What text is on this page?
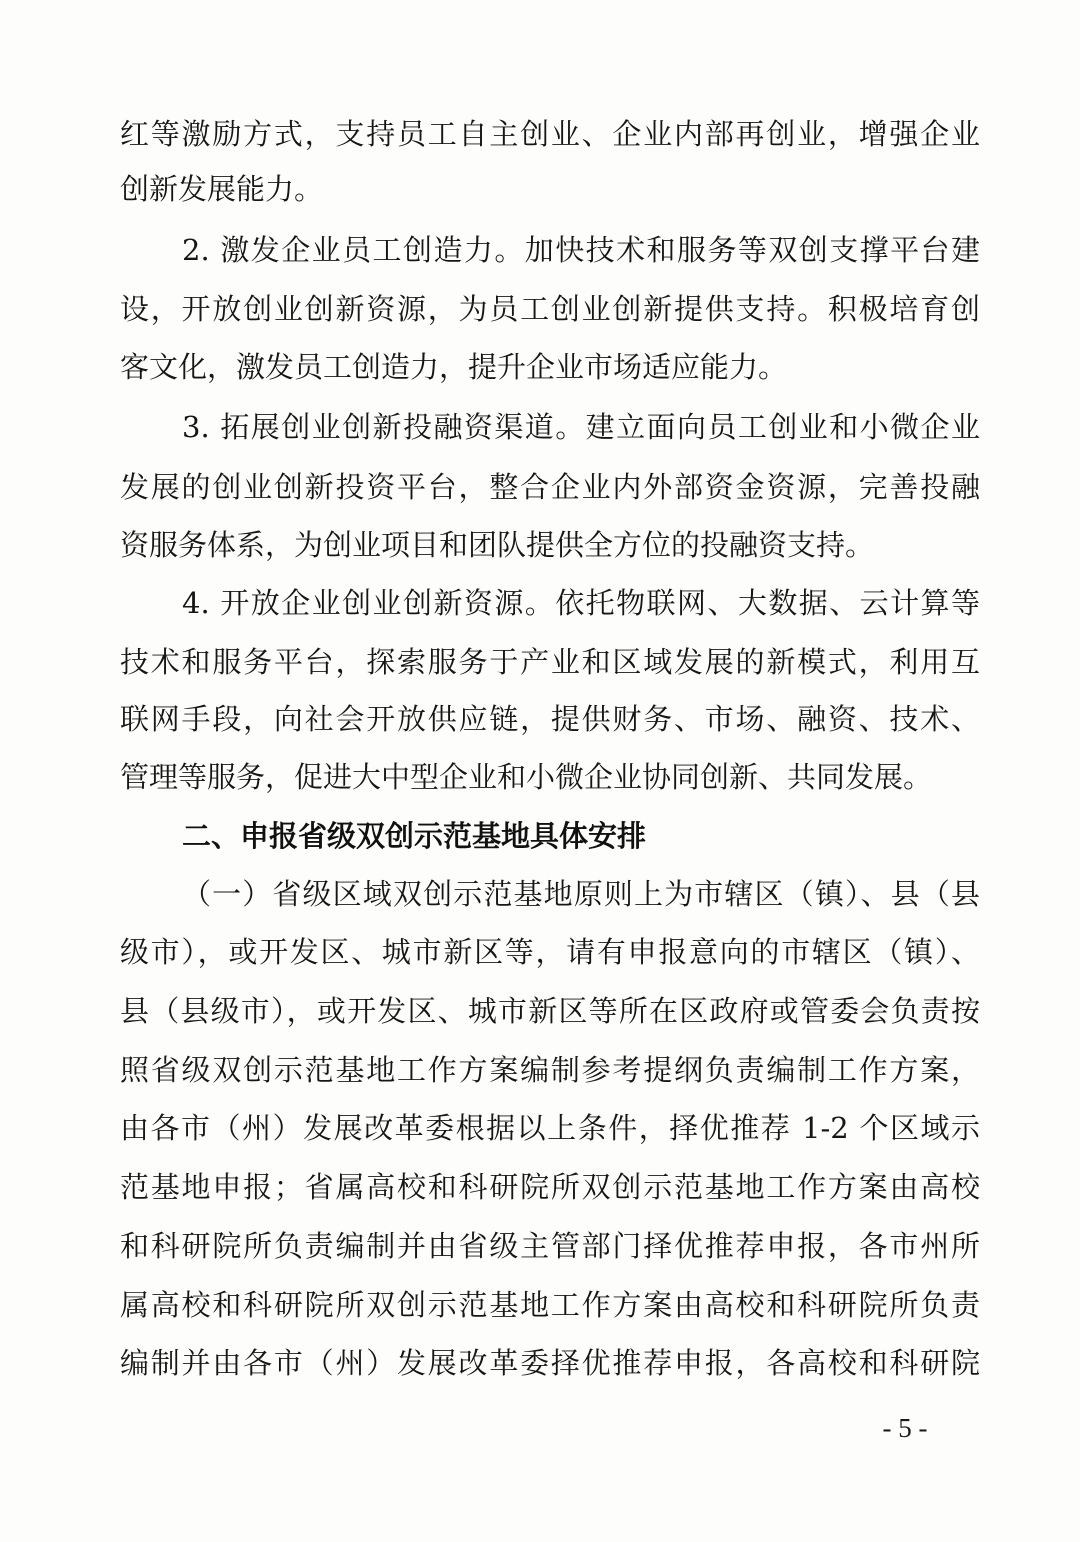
红等激励方式，支持员工自主创业、企业内部再创业，增强企业
创新发展能力。
2. 激发企业员工创造力。加快技术和服务等双创支撑平台建
设，开放创业创新资源，为员工创业创新提供支持。积极培育创
客文化，激发员工创造力，提升企业市场适应能力。
3. 拓展创业创新投融资渠道。建立面向员工创业和小微企业
发展的创业创新投资平台，整合企业内外部资金资源，完善投融
资服务体系，为创业项目和团队提供全方位的投融资支持。
4. 开放企业创业创新资源。依托物联网、大数据、云计算等
技术和服务平台，探索服务于产业和区域发展的新模式，利用互
联网手段，向社会开放供应链，提供财务、市场、融资、技术、
管理等服务，促进大中型企业和小微企业协同创新、共同发展。
二、申报省级双创示范基地具体安排
（一）省级区域双创示范基地原则上为市辖区（镇）、县（县
级市），或开发区、城市新区等，请有申报意向的市辖区（镇）、
县（县级市），或开发区、城市新区等所在区政府或管委会负责按
照省级双创示范基地工作方案编制参考提纲负责编制工作方案，
由各市（州）发展改革委根据以上条件，择优推荐 1-2 个区域示
范基地申报；省属高校和科研院所双创示范基地工作方案由高校
和科研院所负责编制并由省级主管部门择优推荐申报，各市州所
属高校和科研院所双创示范基地工作方案由高校和科研院所负责
编制并由各市（州）发展改革委择优推荐申报，各高校和科研院
- 5 -
